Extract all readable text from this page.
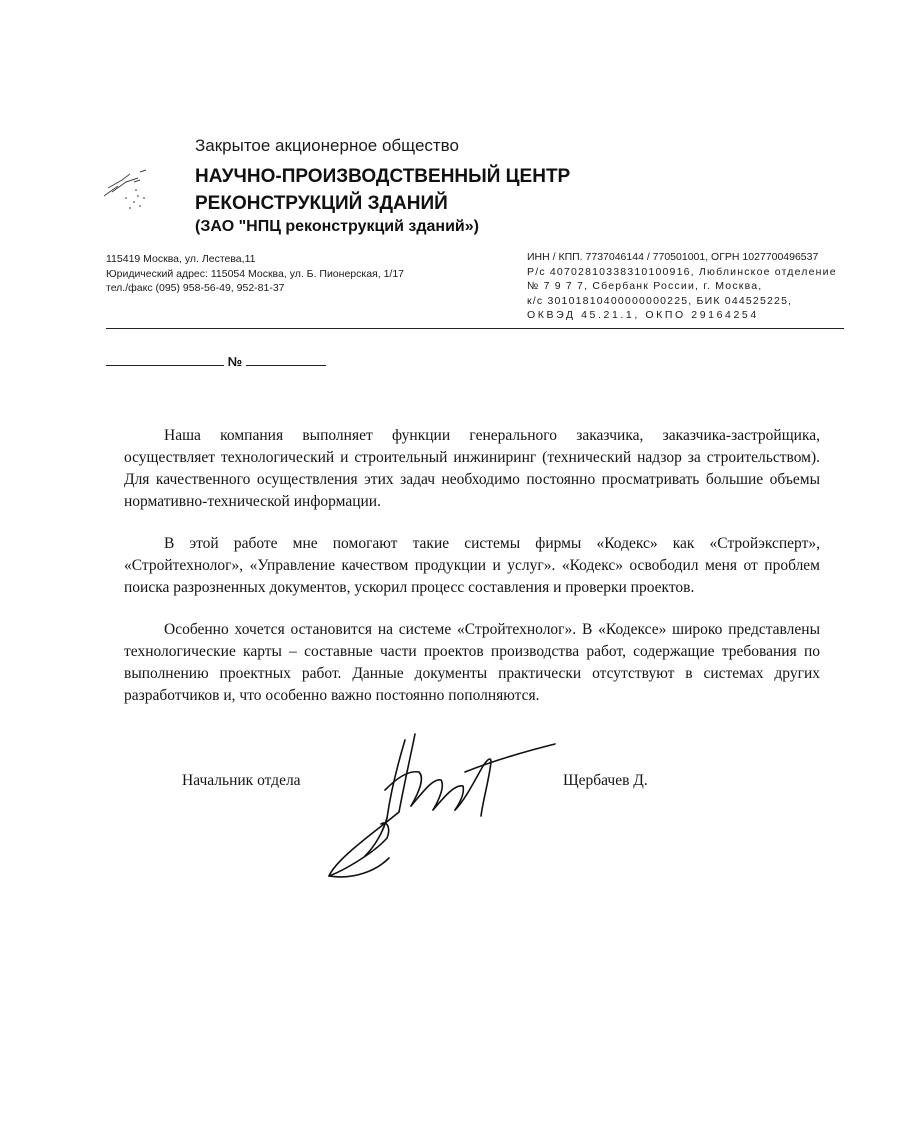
Закрытое акционерное общество
НАУЧНО-ПРОИЗВОДСТВЕННЫЙ ЦЕНТР
РЕКОНСТРУКЦИЙ ЗДАНИЙ
(ЗАО "НПЦ реконструкций зданий»)
115419 Москва, ул. Лестева,11
Юридический адрес: 115054 Москва, ул. Б. Пионерская, 1/17
тел./факс (095) 958-56-49, 952-81-37
ИНН / КПП. 7737046144 / 770501001, ОГРН 1027700496537
Р/с 40702810338310100916, Люблинское отделение
№ 7 9 7 7, Сбербанк России, г. Москва,
к/с 30101810400000000225, БИК 044525225,
ОКВЭД 45.21.1, ОКПО 29164254
№

Наша компания выполняет функции генерального заказчика, заказчика-застройщика, осуществляет технологический и строительный инжиниринг (технический надзор за строительством). Для качественного осуществления этих задач необходимо постоянно просматривать большие объемы нормативно-технической информации.

В этой работе мне помогают такие системы фирмы «Кодекс» как «Стройэксперт», «Стройтехнолог», «Управление качеством продукции и услуг». «Кодекс» освободил меня от проблем поиска разрозненных документов, ускорил процесс составления и проверки проектов.

Особенно хочется остановится на системе «Стройтехнолог». В «Кодексе» широко представлены технологические карты – составные части проектов производства работ, содержащие требования по выполнению проектных работ. Данные документы практически отсутствуют в системах других разработчиков и, что особенно важно постоянно пополняются.

Начальник отдела	Щербачев Д.
